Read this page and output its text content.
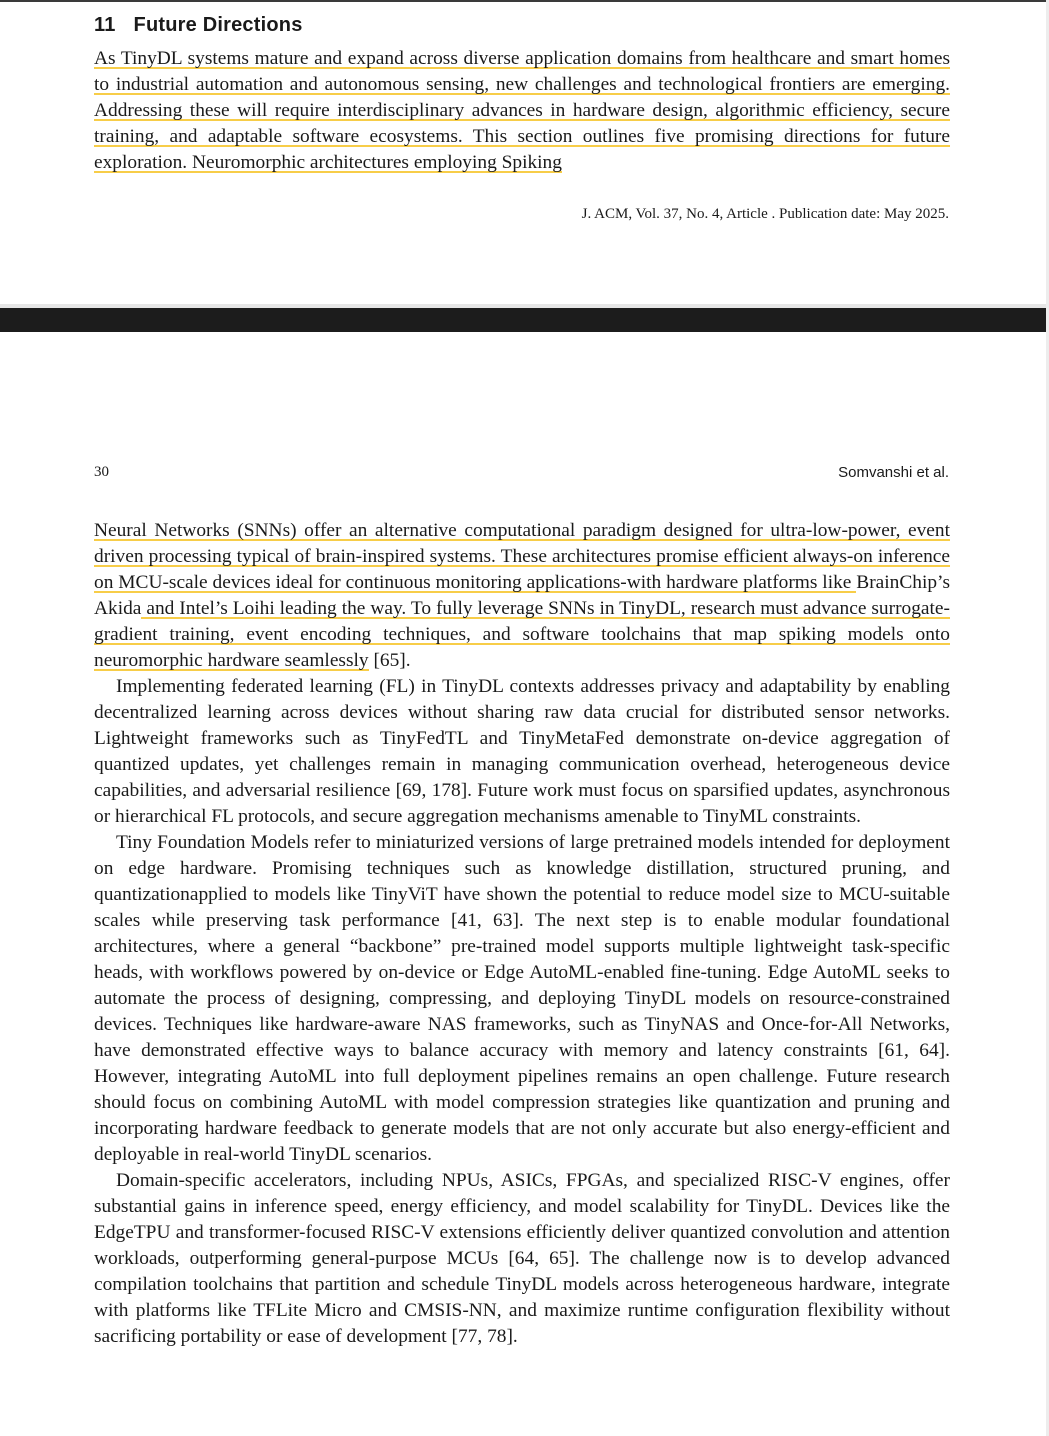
11 Future Directions

As TinyDL systems mature and expand across diverse application domains from healthcare and smart homes to industrial automation and autonomous sensing, new challenges and technological frontiers are emerging. Addressing these will require interdisciplinary advances in hardware design, algorithmic efficiency, secure training, and adaptable software ecosystems. This section outlines five promising directions for future exploration. Neuromorphic architectures employing Spiking

J. ACM, Vol. 37, No. 4, Article . Publication date: May 2025.
30	Somvanshi et al.

Neural Networks (SNNs) offer an alternative computational paradigm designed for ultra-low-power, event driven processing typical of brain-inspired systems. These architectures promise efficient always-on inference on MCU-scale devices ideal for continuous monitoring applications-with hardware platforms like BrainChip’s Akida and Intel’s Loihi leading the way. To fully leverage SNNs in TinyDL, research must advance surrogate-gradient training, event encoding techniques, and software toolchains that map spiking models onto neuromorphic hardware seamlessly [65].

Implementing federated learning (FL) in TinyDL contexts addresses privacy and adaptability by enabling decentralized learning across devices without sharing raw data crucial for distributed sensor networks. Lightweight frameworks such as TinyFedTL and TinyMetaFed demonstrate on-device aggregation of quantized updates, yet challenges remain in managing communication overhead, heterogeneous device capabilities, and adversarial resilience [69, 178]. Future work must focus on sparsified updates, asynchronous or hierarchical FL protocols, and secure aggregation mechanisms amenable to TinyML constraints.

Tiny Foundation Models refer to miniaturized versions of large pretrained models intended for deployment on edge hardware. Promising techniques such as knowledge distillation, structured pruning, and quantizationapplied to models like TinyViT have shown the potential to reduce model size to MCU-suitable scales while preserving task performance [41, 63]. The next step is to enable modular foundational architectures, where a general “backbone” pre-trained model supports multiple lightweight task-specific heads, with workflows powered by on-device or Edge AutoML-enabled fine-tuning. Edge AutoML seeks to automate the process of designing, compressing, and deploying TinyDL models on resource-constrained devices. Techniques like hardware-aware NAS frameworks, such as TinyNAS and Once-for-All Networks, have demonstrated effective ways to balance accuracy with memory and latency constraints [61, 64]. However, integrating AutoML into full deployment pipelines remains an open challenge. Future research should focus on combining AutoML with model compression strategies like quantization and pruning and incorporating hardware feedback to generate models that are not only accurate but also energy-efficient and deployable in real-world TinyDL scenarios.

Domain-specific accelerators, including NPUs, ASICs, FPGAs, and specialized RISC-V engines, offer substantial gains in inference speed, energy efficiency, and model scalability for TinyDL. Devices like the EdgeTPU and transformer-focused RISC-V extensions efficiently deliver quantized convolution and attention workloads, outperforming general-purpose MCUs [64, 65]. The challenge now is to develop advanced compilation toolchains that partition and schedule TinyDL models across heterogeneous hardware, integrate with platforms like TFLite Micro and CMSIS-NN, and maximize runtime configuration flexibility without sacrificing portability or ease of development [77, 78].
